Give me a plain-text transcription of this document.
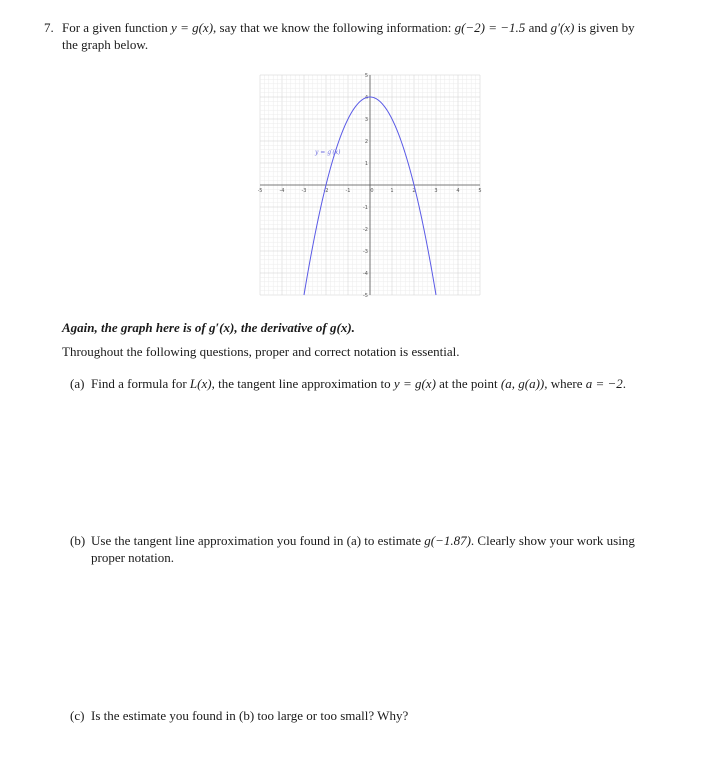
7. For a given function y = g(x), say that we know the following information: g(−2) = −1.5 and g′(x) is given by
the graph below.
-5	-4	-3	-2	-1	0	1	2	3	4	5
5
4
3
2
1
-1
-2
-3
-4
-5
y = g′(x)
Again, the graph here is of g′(x), the derivative of g(x).
Throughout the following questions, proper and correct notation is essential.
(a) Find a formula for L(x), the tangent line approximation to y = g(x) at the point (a, g(a)), where a = −2.
(b) Use the tangent line approximation you found in (a) to estimate g(−1.87). Clearly show your work using
proper notation.
(c) Is the estimate you found in (b) too large or too small? Why?
